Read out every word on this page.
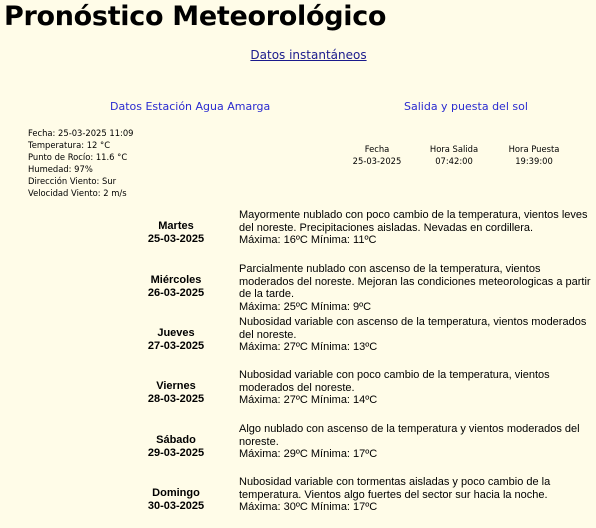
Pronóstico Meteorológico
Datos instantáneos
Datos Estación Agua Amarga	Salida y puesta del sol
Fecha: 25-03-2025 11:09
Temperatura: 12 °C
Punto de Rocío: 11.6 °C
Humedad: 97%
Dirección Viento: Sur
Velocidad Viento: 2 m/s
Fecha
25-03-2025
Hora Salida
07:42:00
Hora Puesta
19:39:00
Martes
25-03-2025
Mayormente nublado con poco cambio de la temperatura, vientos leves del noreste. Precipitaciones aisladas. Nevadas en cordillera.
Máxima: 16ºC Mínima: 11ºC
Miércoles
26-03-2025
Parcialmente nublado con ascenso de la temperatura, vientos moderados del noreste. Mejoran las condiciones meteorologicas a partir de la tarde.
Máxima: 25ºC Mínima: 9ºC
Jueves
27-03-2025
Nubosidad variable con ascenso de la temperatura, vientos moderados del noreste.
Máxima: 27ºC Mínima: 13ºC
Viernes
28-03-2025
Nubosidad variable con poco cambio de la temperatura, vientos moderados del noreste.
Máxima: 27ºC Mínima: 14ºC
Sábado
29-03-2025
Algo nublado con ascenso de la temperatura y vientos moderados del noreste.
Máxima: 29ºC Mínima: 17ºC
Domingo
30-03-2025
Nubosidad variable con tormentas aisladas y poco cambio de la temperatura. Vientos algo fuertes del sector sur hacia la noche.
Máxima: 30ºC Mínima: 17ºC
